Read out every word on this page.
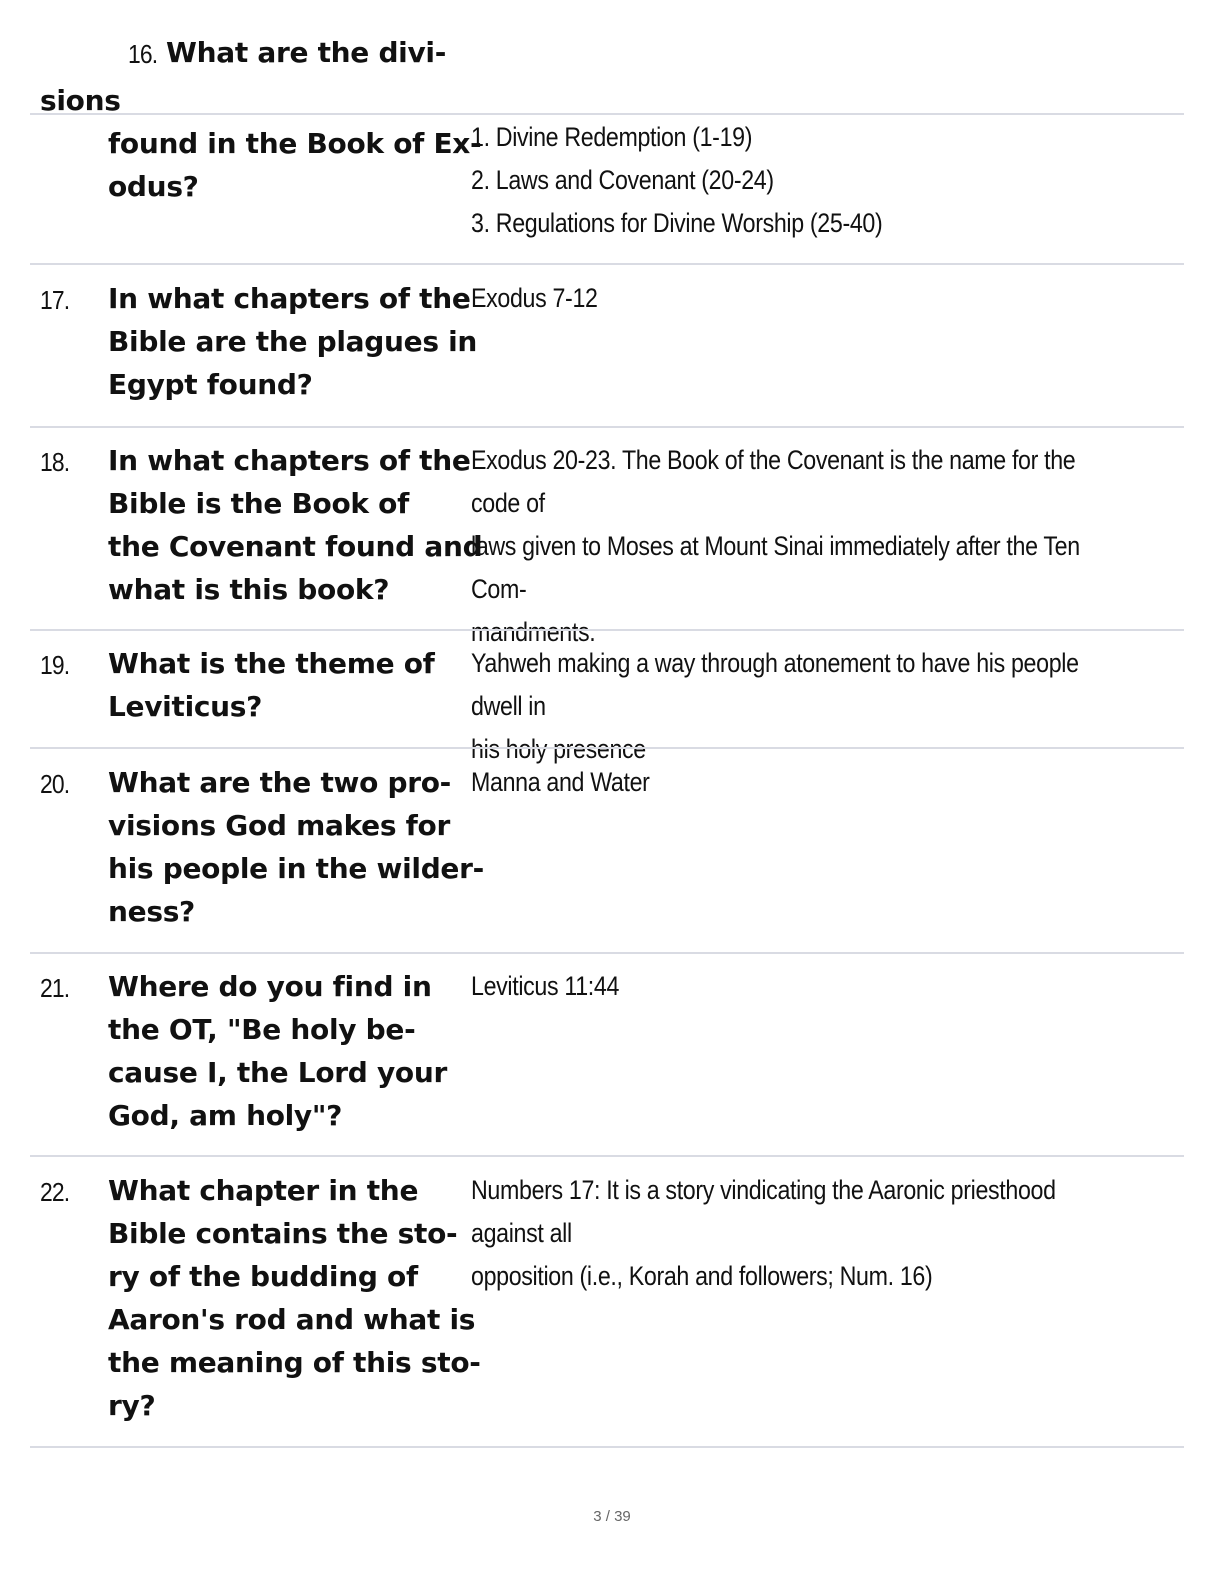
16. What are the divi-
sions
found in the Book of Ex-
odus?
1. Divine Redemption (1-19)
2. Laws and Covenant (20-24)
3. Regulations for Divine Worship (25-40)
17. In what chapters of the
Bible are the plagues in
Egypt found?
Exodus 7-12
18. In what chapters of the
Bible is the Book of
the Covenant found and
what is this book?
Exodus 20-23. The Book of the Covenant is the name for the code of
laws given to Moses at Mount Sinai immediately after the Ten Com-
mandments.
19. What is the theme of
Leviticus?
Yahweh making a way through atonement to have his people dwell in
his holy presence
20. What are the two pro-
visions God makes for
his people in the wilder-
ness?
Manna and Water
21. Where do you find in
the OT, "Be holy be-
cause I, the Lord your
God, am holy"?
Leviticus 11:44
22. What chapter in the
Bible contains the sto-
ry of the budding of
Aaron's rod and what is
the meaning of this sto-
ry?
Numbers 17: It is a story vindicating the Aaronic priesthood against all
opposition (i.e., Korah and followers; Num. 16)
3 / 39
